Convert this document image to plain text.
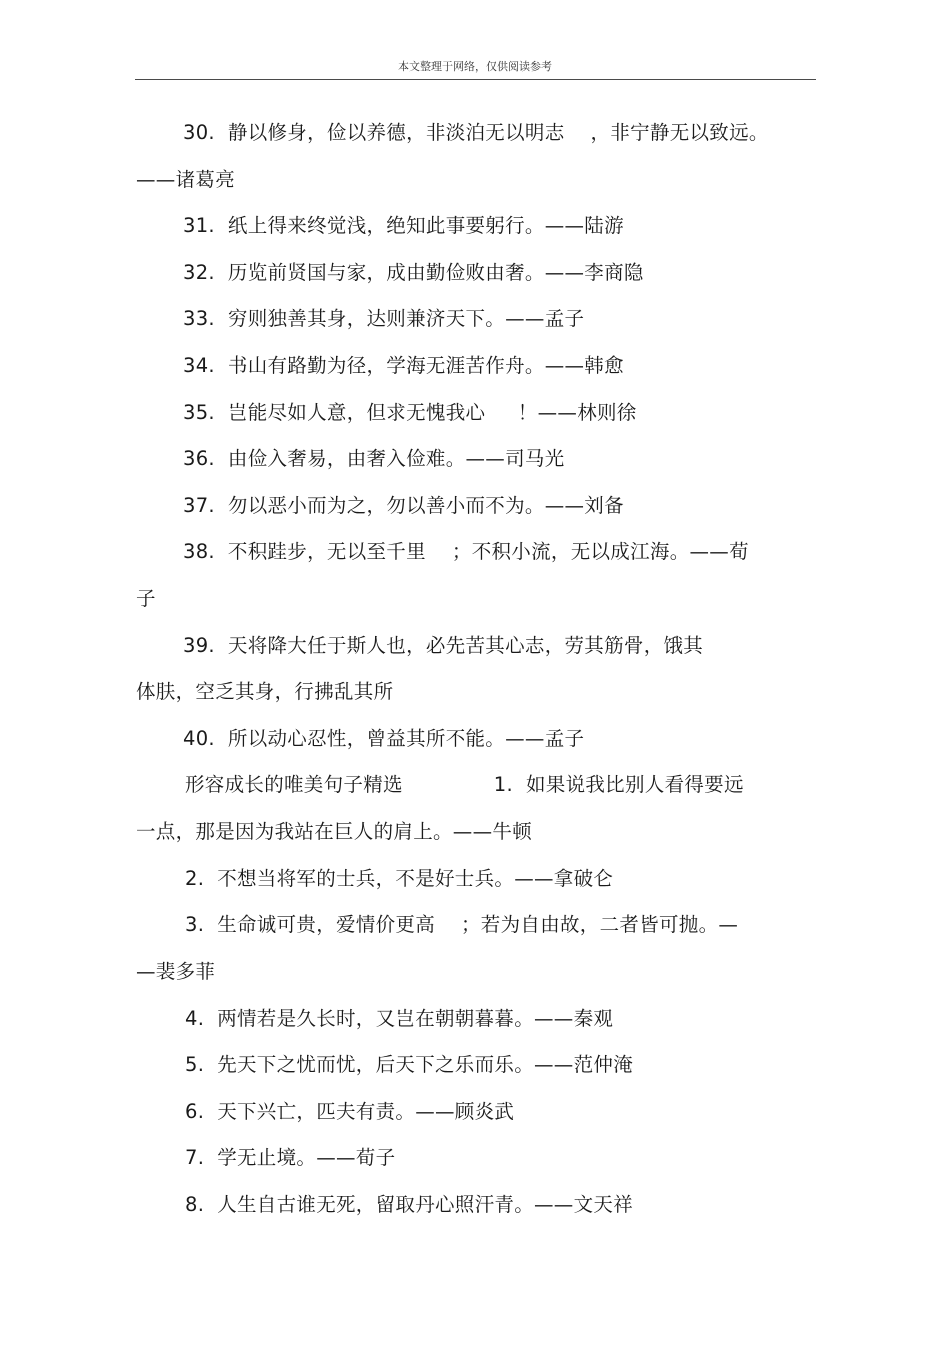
本文整理于网络，仅供阅读参考
30.  静以修身，俭以养德，非淡泊无以明志    ，非宁静无以致远。
——诸葛亮
31.  纸上得来终觉浅，绝知此事要躬行。——陆游
32.  历览前贤国与家，成由勤俭败由奢。——李商隐
33.  穷则独善其身，达则兼济天下。——孟子
34.  书山有路勤为径，学海无涯苦作舟。——韩愈
35.  岂能尽如人意，但求无愧我心     ！——林则徐
36.  由俭入奢易，由奢入俭难。——司马光
37.  勿以恶小而为之，勿以善小而不为。——刘备
38.  不积跬步，无以至千里    ；不积小流，无以成江海。——荀
子
39.  天将降大任于斯人也，必先苦其心志，劳其筋骨，饿其
体肤，空乏其身，行拂乱其所
40.  所以动心忍性，曾益其所不能。——孟子
形容成长的唯美句子精选              1.  如果说我比别人看得要远
一点，那是因为我站在巨人的肩上。——牛顿
2.  不想当将军的士兵，不是好士兵。——拿破仑
3.  生命诚可贵，爱情价更高    ；若为自由故，二者皆可抛。—
—裴多菲
4.  两情若是久长时，又岂在朝朝暮暮。——秦观
5.  先天下之忧而忧，后天下之乐而乐。——范仲淹
6.  天下兴亡，匹夫有责。——顾炎武
7.  学无止境。——荀子
8.  人生自古谁无死，留取丹心照汗青。——文天祥
